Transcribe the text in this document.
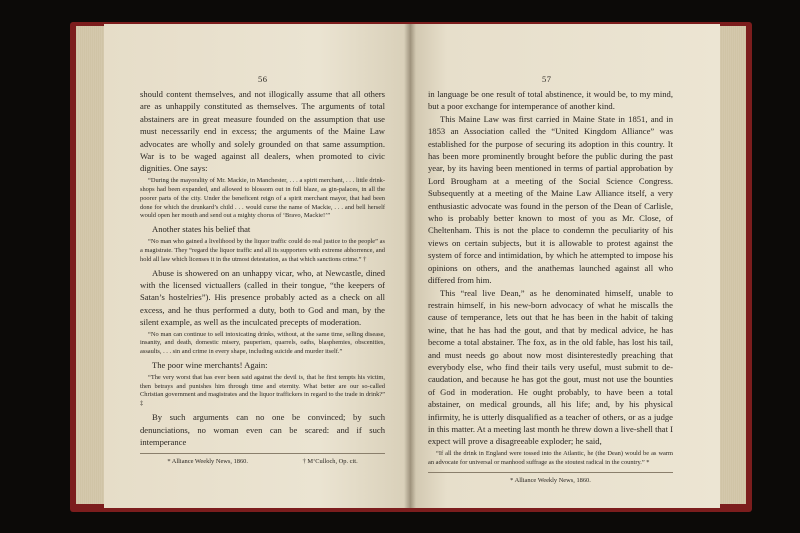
56

should content themselves, and not illogically assume that all others are as unhappily constituted as themselves. The arguments of total abstainers are in great measure founded on the assumption that use must necessarily end in excess; the arguments of the Maine Law advocates are wholly and solely grounded on that same assumption. War is to be waged against all dealers, when promoted to civic dignities. One says:

“During the mayorality of Mr. Mackie, in Manchester, . . . a spirit merchant, . . . little drink-shops had been expanded, and allowed to blossom out in full blaze, as gin-palaces, in all the poorer parts of the city. Under the beneficent reign of a spirit merchant mayor, that had been done for which the drunkard’s child . . . would curse the name of Mackie, . . . and bell herself would open her mouth and send out a mighty chorus of ‘Bravo, Mackie!’”

Another states his belief that

“No man who gained a livelihood by the liquor traffic could do real justice to the people” as a magistrate. They “regard the liquor traffic and all its supporters with extreme abhorrence, and hold all law which licenses it in the utmost detestation, as that which sanctions crime.” †

Abuse is showered on an unhappy vicar, who, at Newcastle, dined with the licensed victuallers (called in their tongue, “the keepers of Satan’s hostelries”). His presence probably acted as a check on all excess, and he thus performed a duty, both to God and man, by the silent example, as well as the inculcated precepts of moderation.

“No man can continue to sell intoxicating drinks, without, at the same time, selling disease, insanity, and death, domestic misery, pauperism, quarrels, oaths, blasphemies, obscenities, assaults, . . . sin and crime in every shape, including suicide and murder itself.”

The poor wine merchants! Again:

“The very worst that has ever been said against the devil is, that he first tempts his victim, then betrays and punishes him through time and eternity. What better are our so-called Christian government and magistrates and the liquor traffickers in regard to the trade in drink?” ‡

By such arguments can no one be convinced; by such denunciations, no woman even can be scared: and if such intemperance

* Alliance Weekly News, 1860.	† M‘Culloch, Op. cit.
57

in language be one result of total abstinence, it would be, to my mind, but a poor exchange for intemperance of another kind.

This Maine Law was first carried in Maine State in 1851, and in 1853 an Association called the “United Kingdom Alliance” was established for the purpose of securing its adoption in this country. It has been more prominently brought before the public during the past year, by its having been mentioned in terms of partial approbation by Lord Brougham at a meeting of the Social Science Congress. Subsequently at a meeting of the Maine Law Alliance itself, a very enthusiastic advocate was found in the person of the Dean of Carlisle, who is probably better known to most of you as Mr. Close, of Cheltenham. This is not the place to condemn the peculiarity of his views on certain subjects, but it is allowable to protest against the system of force and intimidation, by which he attempted to impose his opinions on others, and the anathemas launched against all who differed from him.

This “real live Dean,” as he denominated himself, unable to restrain himself, in his new-born advocacy of what he miscalls the cause of temperance, lets out that he has been in the habit of taking wine, that he has had the gout, and that by medical advice, he has become a total abstainer. The fox, as in the old fable, has lost his tail, and must needs go about now most disinterestedly preaching that everybody else, who find their tails very useful, must submit to de-caudation, and because he has got the gout, must not use the bounties of God in moderation. He ought probably, to have been a total abstainer, on medical grounds, all his life; and, by his physical infirmity, he is utterly disqualified as a teacher of others, or as a judge in this matter. At a meeting last month he threw down a live-shell that I expect will prove a disagreeable exploder; he said,

“If all the drink in England were tossed into the Atlantic, he (the Dean) would be as warm an advocate for universal or manhood suffrage as the stoutest radical in the country.” *

* Alliance Weekly News, 1860.
